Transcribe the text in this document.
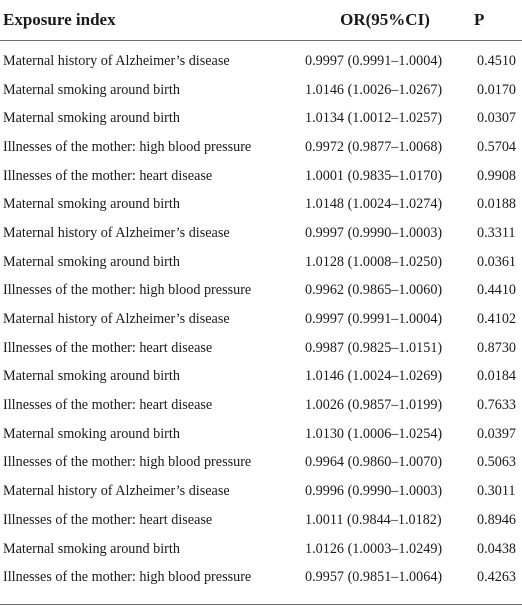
Exposure index	OR(95%CI)	P

Maternal history of Alzheimer’s disease	0.9997 (0.9991–1.0004)	0.4510
Maternal smoking around birth	1.0146 (1.0026–1.0267)	0.0170
Maternal smoking around birth	1.0134 (1.0012–1.0257)	0.0307
Illnesses of the mother: high blood pressure	0.9972 (0.9877–1.0068)	0.5704
Illnesses of the mother: heart disease	1.0001 (0.9835–1.0170)	0.9908
Maternal smoking around birth	1.0148 (1.0024–1.0274)	0.0188
Maternal history of Alzheimer’s disease	0.9997 (0.9990–1.0003)	0.3311
Maternal smoking around birth	1.0128 (1.0008–1.0250)	0.0361
Illnesses of the mother: high blood pressure	0.9962 (0.9865–1.0060)	0.4410
Maternal history of Alzheimer’s disease	0.9997 (0.9991–1.0004)	0.4102
Illnesses of the mother: heart disease	0.9987 (0.9825–1.0151)	0.8730
Maternal smoking around birth	1.0146 (1.0024–1.0269)	0.0184
Illnesses of the mother: heart disease	1.0026 (0.9857–1.0199)	0.7633
Maternal smoking around birth	1.0130 (1.0006–1.0254)	0.0397
Illnesses of the mother: high blood pressure	0.9964 (0.9860–1.0070)	0.5063
Maternal history of Alzheimer’s disease	0.9996 (0.9990–1.0003)	0.3011
Illnesses of the mother: heart disease	1.0011 (0.9844–1.0182)	0.8946
Maternal smoking around birth	1.0126 (1.0003–1.0249)	0.0438
Illnesses of the mother: high blood pressure	0.9957 (0.9851–1.0064)	0.4263
